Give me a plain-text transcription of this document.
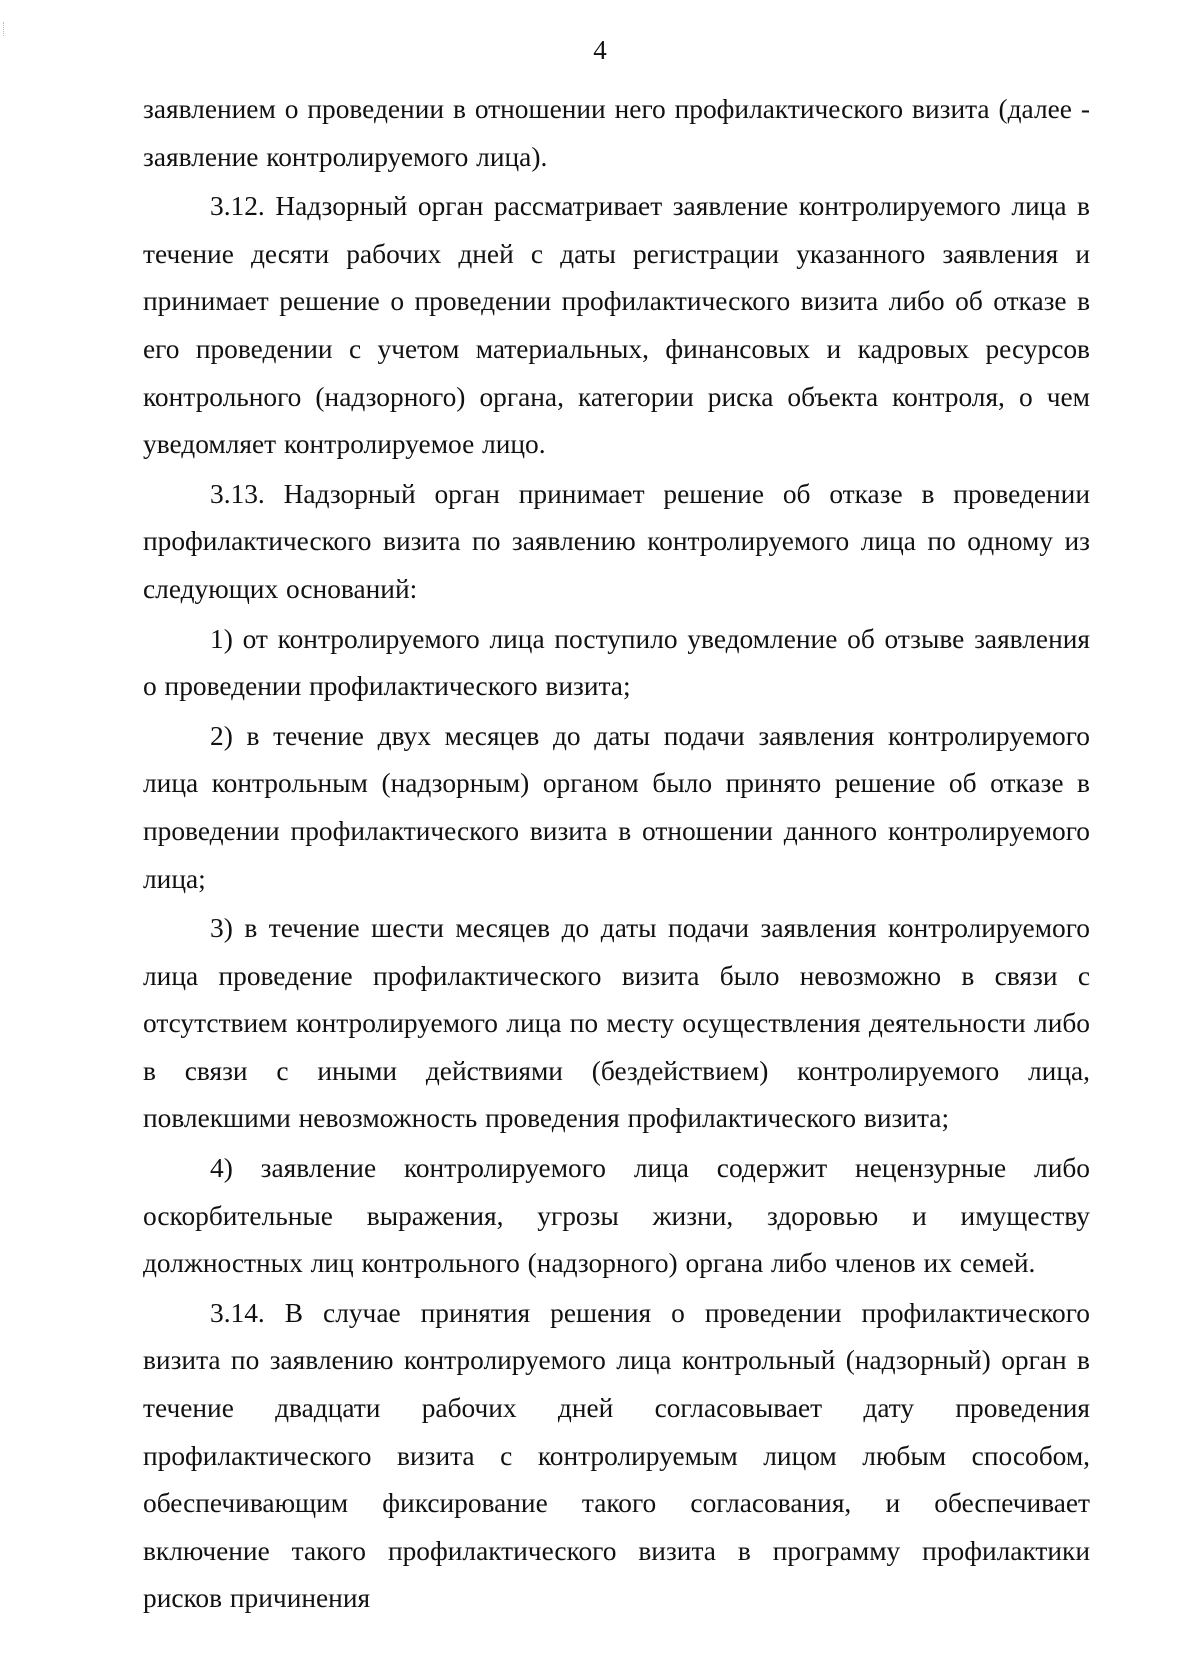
4

заявлением о проведении в отношении него профилактического визита (далее - заявление контролируемого лица).

3.12. Надзорный орган рассматривает заявление контролируемого лица в течение десяти рабочих дней с даты регистрации указанного заявления и принимает решение о проведении профилактического визита либо об отказе в его проведении с учетом материальных, финансовых и кадровых ресурсов контрольного (надзорного) органа, категории риска объекта контроля, о чем уведомляет контролируемое лицо.

3.13. Надзорный орган принимает решение об отказе в проведении профилактического визита по заявлению контролируемого лица по одному из следующих оснований:

1) от контролируемого лица поступило уведомление об отзыве заявления о проведении профилактического визита;

2) в течение двух месяцев до даты подачи заявления контролируемого лица контрольным (надзорным) органом было принято решение об отказе в проведении профилактического визита в отношении данного контролируемого лица;

3) в течение шести месяцев до даты подачи заявления контролируемого лица проведение профилактического визита было невозможно в связи с отсутствием контролируемого лица по месту осуществления деятельности либо в связи с иными действиями (бездействием) контролируемого лица, повлекшими невозможность проведения профилактического визита;

4) заявление контролируемого лица содержит нецензурные либо оскорбительные выражения, угрозы жизни, здоровью и имуществу должностных лиц контрольного (надзорного) органа либо членов их семей.

3.14. В случае принятия решения о проведении профилактического визита по заявлению контролируемого лица контрольный (надзорный) орган в течение двадцати рабочих дней согласовывает дату проведения профилактического визита с контролируемым лицом любым способом, обеспечивающим фиксирование такого согласования, и обеспечивает включение такого профилактического визита в программу профилактики рисков причинения
